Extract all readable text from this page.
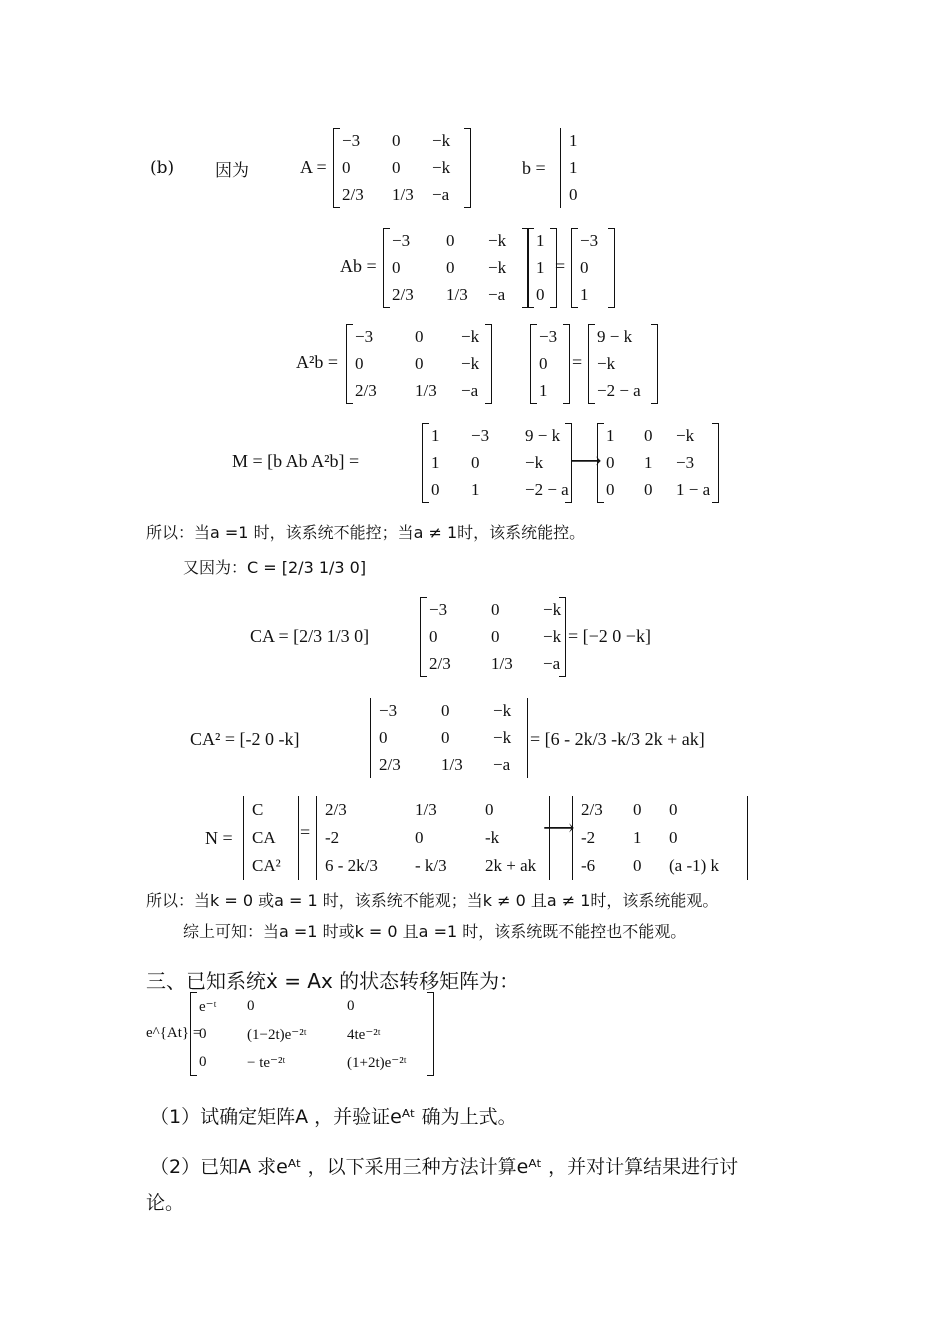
(b) 因为	A =
−3	0	−k
0	0	−k
2/3	1/3	−a
b =
1
1
0
Ab =
−3	0	−k
0	0	−k
2/3	1/3	−a
1
1
0
=
−3
0
1
A²b =
−3	0	−k
0	0	−k
2/3	1/3	−a
−3
0
1
=
9 − k
−k
−2 − a
M = [b Ab A²b] =
1	−3	9 − k
1	0	−k
0	1	−2 − a
⟶
1	0	−k
0	1	−3
0	0	1 − a
所以：当a =1 时，该系统不能控；当a ≠ 1时，该系统能控。
又因为：C = [2/3 1/3 0]
CA = [2/3 1/3 0]
−3	0	−k
0	0	−k
2/3	1/3	−a
= [−2 0 −k]
CA² = [-2 0 -k]
−3	0	−k
0	0	−k
2/3	1/3	−a
= [6 - 2k/3 -k/3 2k + ak]
N =
C
CA
CA²
=
2/3	1/3	0
-2	0	-k
6 - 2k/3	- k/3	2k + ak
⟶
2/3	0	0
-2	1	0
-6	0	(a -1) k
所以：当k = 0 或a = 1 时，该系统不能观；当k ≠ 0 且a ≠ 1时，该系统能观。
综上可知：当a =1 时或k = 0 且a =1 时，该系统既不能控也不能观。
三、已知系统ẋ = Ax 的状态转移矩阵为：
e^{At} =
e⁻ᵗ	0	0
0	(1−2t)e⁻²ᵗ	4te⁻²ᵗ
0	− te⁻²ᵗ	(1+2t)e⁻²ᵗ
（1）试确定矩阵A ，并验证eᴬᵗ 确为上式。
（2）已知A 求eᴬᵗ ，以下采用三种方法计算eᴬᵗ ，并对计算结果进行讨
论。
